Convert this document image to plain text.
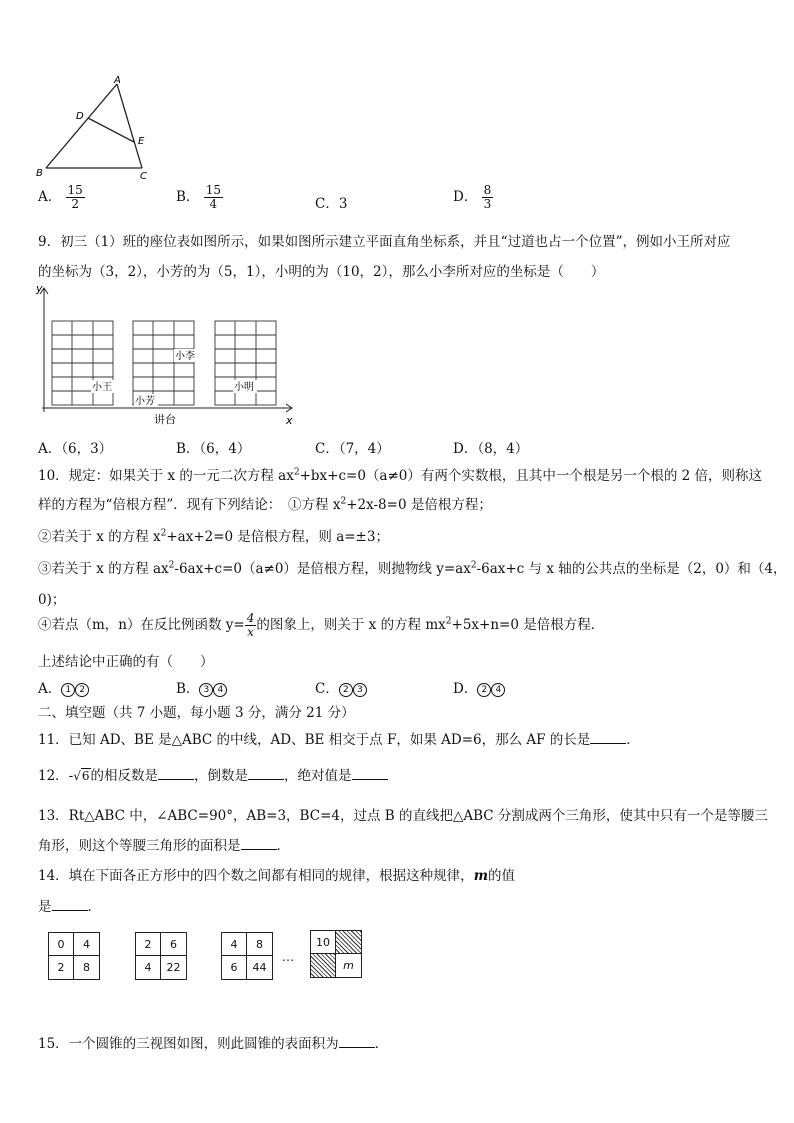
A
D
E
B	C
A． $\frac{15}{2}$	B． $\frac{15}{4}$	C．3	D． $\frac{8}{3}$
9．初三（1）班的座位表如图所示，如果如图所示建立平面直角坐标系，并且“过道也占一个位置”，例如小王所对应
的坐标为（3，2），小芳的为（5，1），小明的为（10，2），那么小李所对应的坐标是（　　）
y
x
小王
小芳
小李
小明
讲台
A．（6，3）	B．（6，4）	C．（7，4）	D．（8，4）
10．规定：如果关于 x 的一元二次方程 $ax^2+bx+c=0(a\ne 0)$有两个实数根，且其中一个根是另一个根的 2 倍，则称这
样的方程为“倍根方程”．现有下列结论：　①方程 $x^2+2x-8=0$ 是倍根方程；
②若关于 x 的方程 $x^2+ax+2=0$ 是倍根方程，则 a=±3；
③若关于 x 的方程 $ax^2-6ax+c=0(a\ne 0)$是倍根方程，则抛物线 $y=ax^2-6ax+c$ 与 x 轴的公共点的坐标是（2，0）和（4，
0)；
④若点（m，n）在反比例函数 $y= \frac{4}{x}$ 的图象上，则关于 x 的方程 $mx^2+5x+n=0$ 是倍根方程．
上述结论中正确的有（　　）
A． 1 2	B． 3 4	C． 2 3	D． 2 4
二、填空题（共 7 小题，每小题 3 分，满分 21 分）
11．已知 AD、BE 是△ABC 的中线，AD、BE 相交于点 F，如果 AD=6，那么 AF 的长是	．
12．-√6的相反数是	，倒数是	，绝对值是
13．Rt△ABC 中，∠ABC=90°，AB=3，BC=4，过点 B 的直线把△ABC 分割成两个三角形，使其中只有一个是等腰三
角形，则这个等腰三角形的面积是	．
14．填在下面各正方形中的四个数之间都有相同的规律，根据这种规律，m的值
是	．
0	4
2	8
2	6
4	22
4	8
6	44
…
10
m
15．一个圆锥的三视图如图，则此圆锥的表面积为	．
